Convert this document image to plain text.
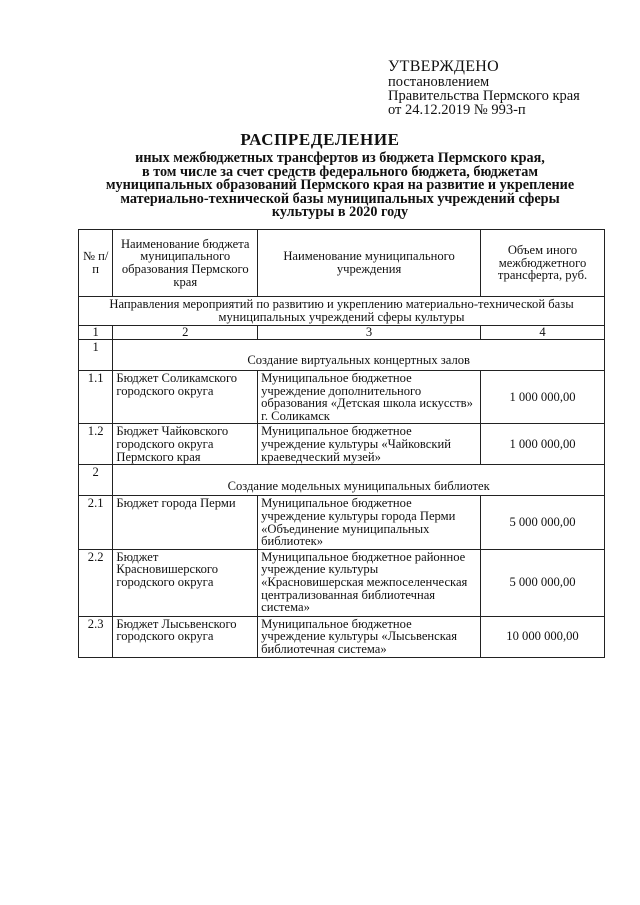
УТВЕРЖДЕНО
постановлением
Правительства Пермского края
от 24.12.2019 № 993-п
РАСПРЕДЕЛЕНИЕ
иных межбюджетных трансфертов из бюджета Пермского края,
в том числе за счет средств федерального бюджета, бюджетам
муниципальных образований Пермского края на развитие и укрепление
материально-технической базы муниципальных учреждений сферы
культуры в 2020 году
№ п/п	Наименование бюджета муниципального образования Пермского края	Наименование муниципального учреждения	Объем иного межбюджетного трансферта, руб.
Направления мероприятий по развитию и укреплению материально-технической базы муниципальных учреждений сферы культуры			
1	2	3	4
1	Создание виртуальных концертных залов		
1.1	Бюджет Соликамского городского округа	Муниципальное бюджетное учреждение дополнительного образования «Детская школа искусств» г. Соликамск	1 000 000,00
1.2	Бюджет Чайковского городского округа Пермского края	Муниципальное бюджетное учреждение культуры «Чайковский краеведческий музей»	1 000 000,00
2	Создание модельных муниципальных библиотек		
2.1	Бюджет города Перми	Муниципальное бюджетное учреждение культуры города Перми «Объединение муниципальных библиотек»	5 000 000,00
2.2	Бюджет Красновишерского городского округа	Муниципальное бюджетное районное учреждение культуры «Красновишерская межпоселенческая централизованная библиотечная система»	5 000 000,00
2.3	Бюджет Лысьвенского городского округа	Муниципальное бюджетное учреждение культуры «Лысьвенская библиотечная система»	10 000 000,00
